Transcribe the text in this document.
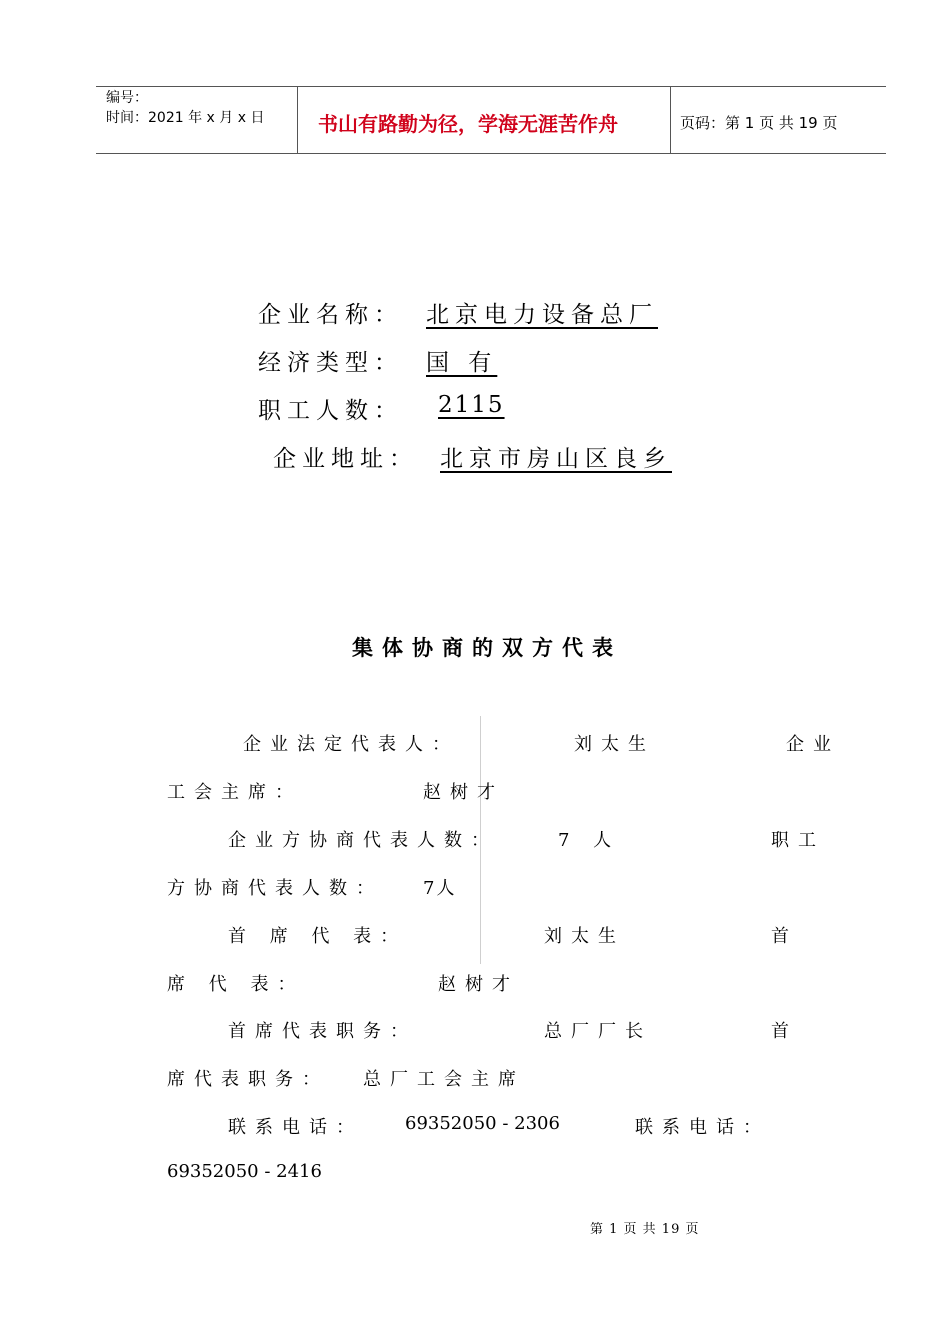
编号：
时间：2021 年 x 月 x 日	书山有路勤为径，学海无涯苦作舟	页码：第 1 页 共 19 页
企业名称： 北京电力设备总厂
经济类型： 国 有
职工人数： 2115
企业地址： 北京市房山区良乡
集体协商的双方代表
企业法定代表人：	刘太生	企业
工会主席：	赵树才
企业方协商代表人数：	7 人	职工
方协商代表人数： 7人
首 席 代 表：	刘太生	首
席 代 表：	赵树才
首席代表职务：	总厂厂长	首
席代表职务： 总厂工会主席
联系电话： 69352050 - 2306	联系电话：
69352050 - 2416
第 1 页 共 19 页
